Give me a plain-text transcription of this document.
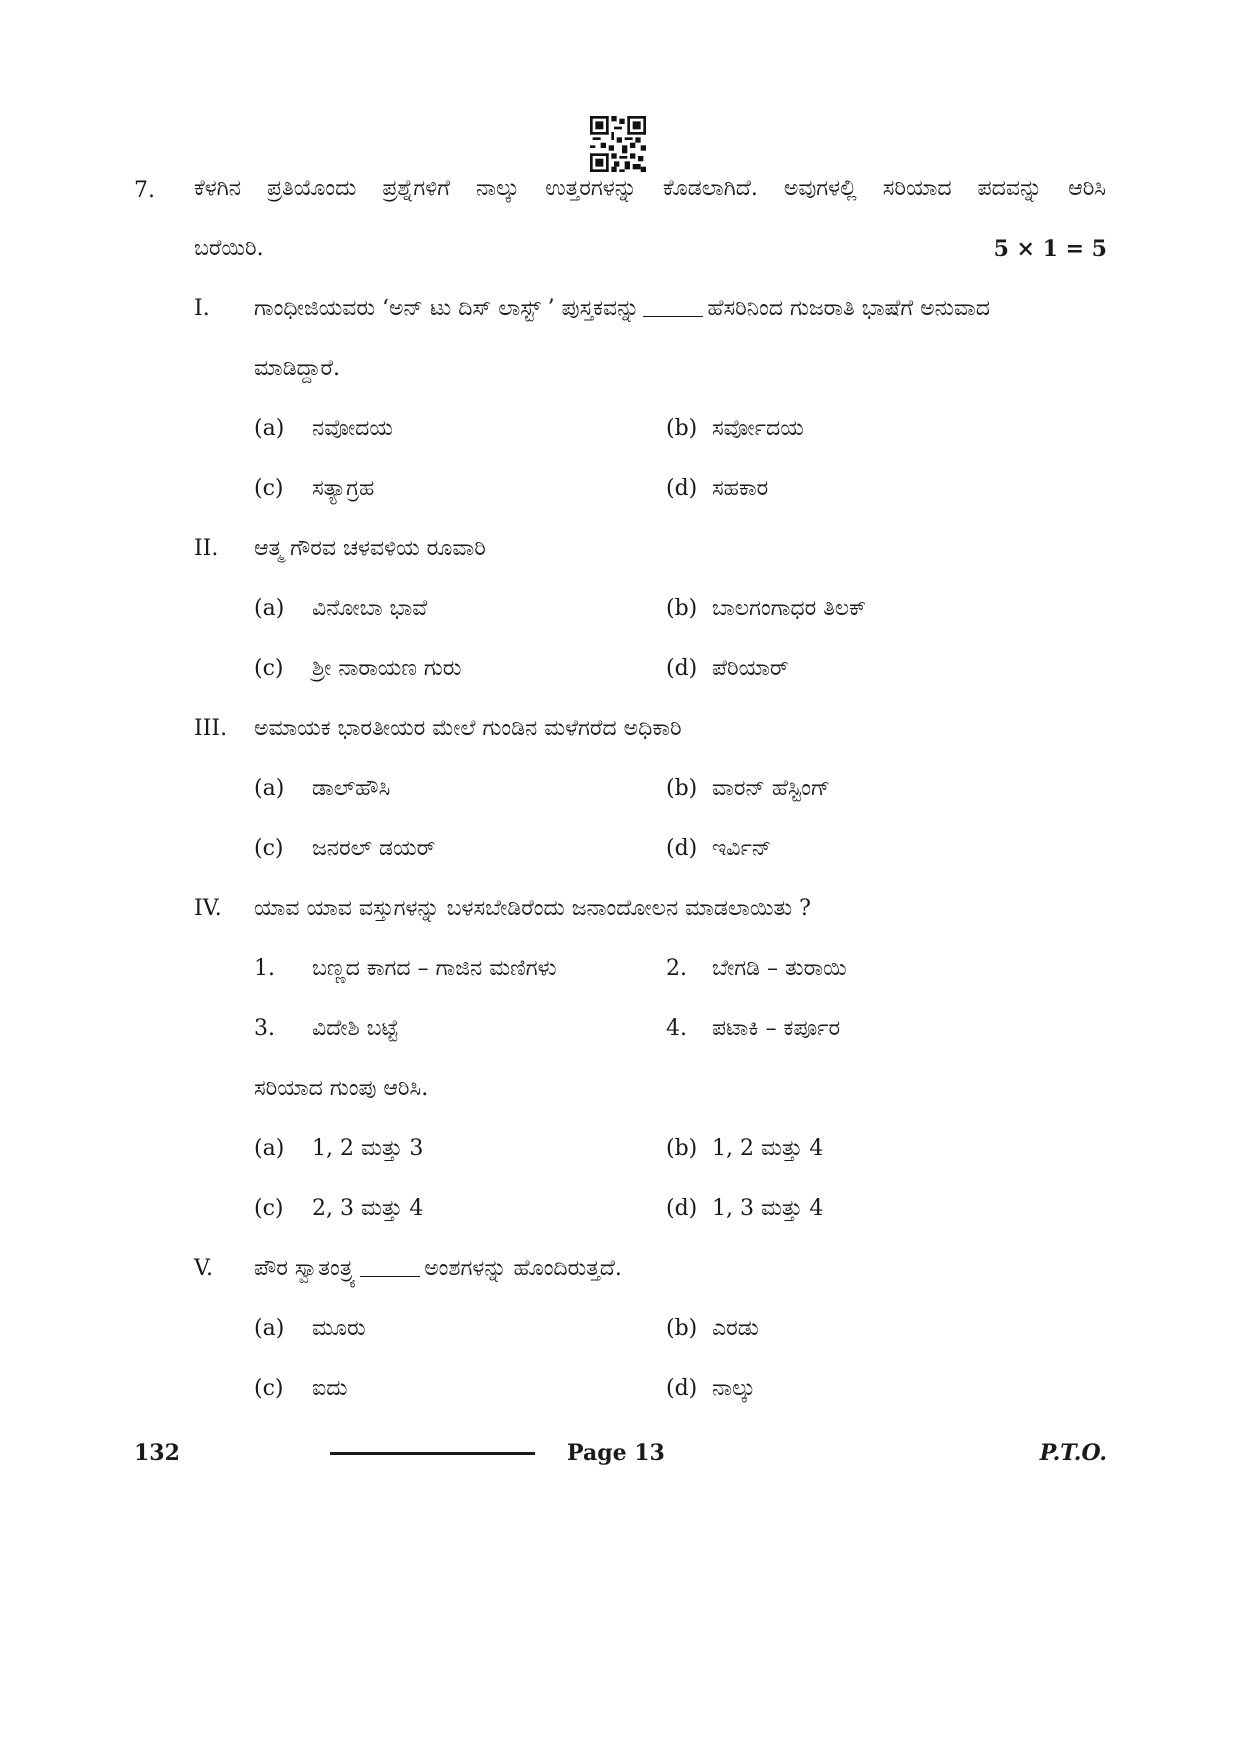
7. ಕೆಳಗಿನ ಪ್ರತಿಯೊಂದು ಪ್ರಶ್ನೆಗಳಿಗೆ ನಾಲ್ಕು ಉತ್ತರಗಳನ್ನು ಕೊಡಲಾಗಿದೆ. ಅವುಗಳಲ್ಲಿ ಸರಿಯಾದ ಪದವನ್ನು ಆರಿಸಿ
ಬರೆಯಿರಿ.	5 × 1 = 5
I. ಗಾಂಧೀಜಿಯವರು ‘ಅನ್ ಟು ದಿಸ್ ಲಾಸ್ಟ್ ’ ಪುಸ್ತಕವನ್ನು	ಹೆಸರಿನಿಂದ ಗುಜರಾತಿ ಭಾಷೆಗೆ ಅನುವಾದ
ಮಾಡಿದ್ದಾರೆ.
(a) ನವೋದಯ	(b) ಸರ್ವೋದಯ
(c) ಸತ್ಯಾಗ್ರಹ	(d) ಸಹಕಾರ
II. ಆತ್ಮ ಗೌರವ ಚಳವಳಿಯ ರೂವಾರಿ
(a) ವಿನೋಬಾ ಭಾವೆ	(b) ಬಾಲಗಂಗಾಧರ ತಿಲಕ್
(c) ಶ್ರೀ ನಾರಾಯಣ ಗುರು	(d) ಪೆರಿಯಾರ್
III. ಅಮಾಯಕ ಭಾರತೀಯರ ಮೇಲೆ ಗುಂಡಿನ ಮಳೆಗರೆದ ಅಧಿಕಾರಿ
(a) ಡಾಲ್‌ಹೌಸಿ	(b) ವಾರನ್ ಹೆಸ್ಟಿಂಗ್
(c) ಜನರಲ್ ಡಯರ್	(d) ಇರ್ವಿನ್
IV. ಯಾವ ಯಾವ ವಸ್ತುಗಳನ್ನು ಬಳಸಬೇಡಿರೆಂದು ಜನಾಂದೋಲನ ಮಾಡಲಾಯಿತು ?
1. ಬಣ್ಣದ ಕಾಗದ – ಗಾಜಿನ ಮಣಿಗಳು	2. ಬೇಗಡಿ – ತುರಾಯಿ
3. ವಿದೇಶಿ ಬಟ್ಟೆ	4. ಪಟಾಕಿ – ಕರ್ಪೂರ
ಸರಿಯಾದ ಗುಂಪು ಆರಿಸಿ.
(a) 1, 2 ಮತ್ತು 3	(b) 1, 2 ಮತ್ತು 4
(c) 2, 3 ಮತ್ತು 4	(d) 1, 3 ಮತ್ತು 4
V. ಪೌರ ಸ್ವಾತಂತ್ರ್ಯ	ಅಂಶಗಳನ್ನು ಹೊಂದಿರುತ್ತದೆ.
(a) ಮೂರು	(b) ಎರಡು
(c) ಐದು	(d) ನಾಲ್ಕು
132	Page 13	P.T.O.
